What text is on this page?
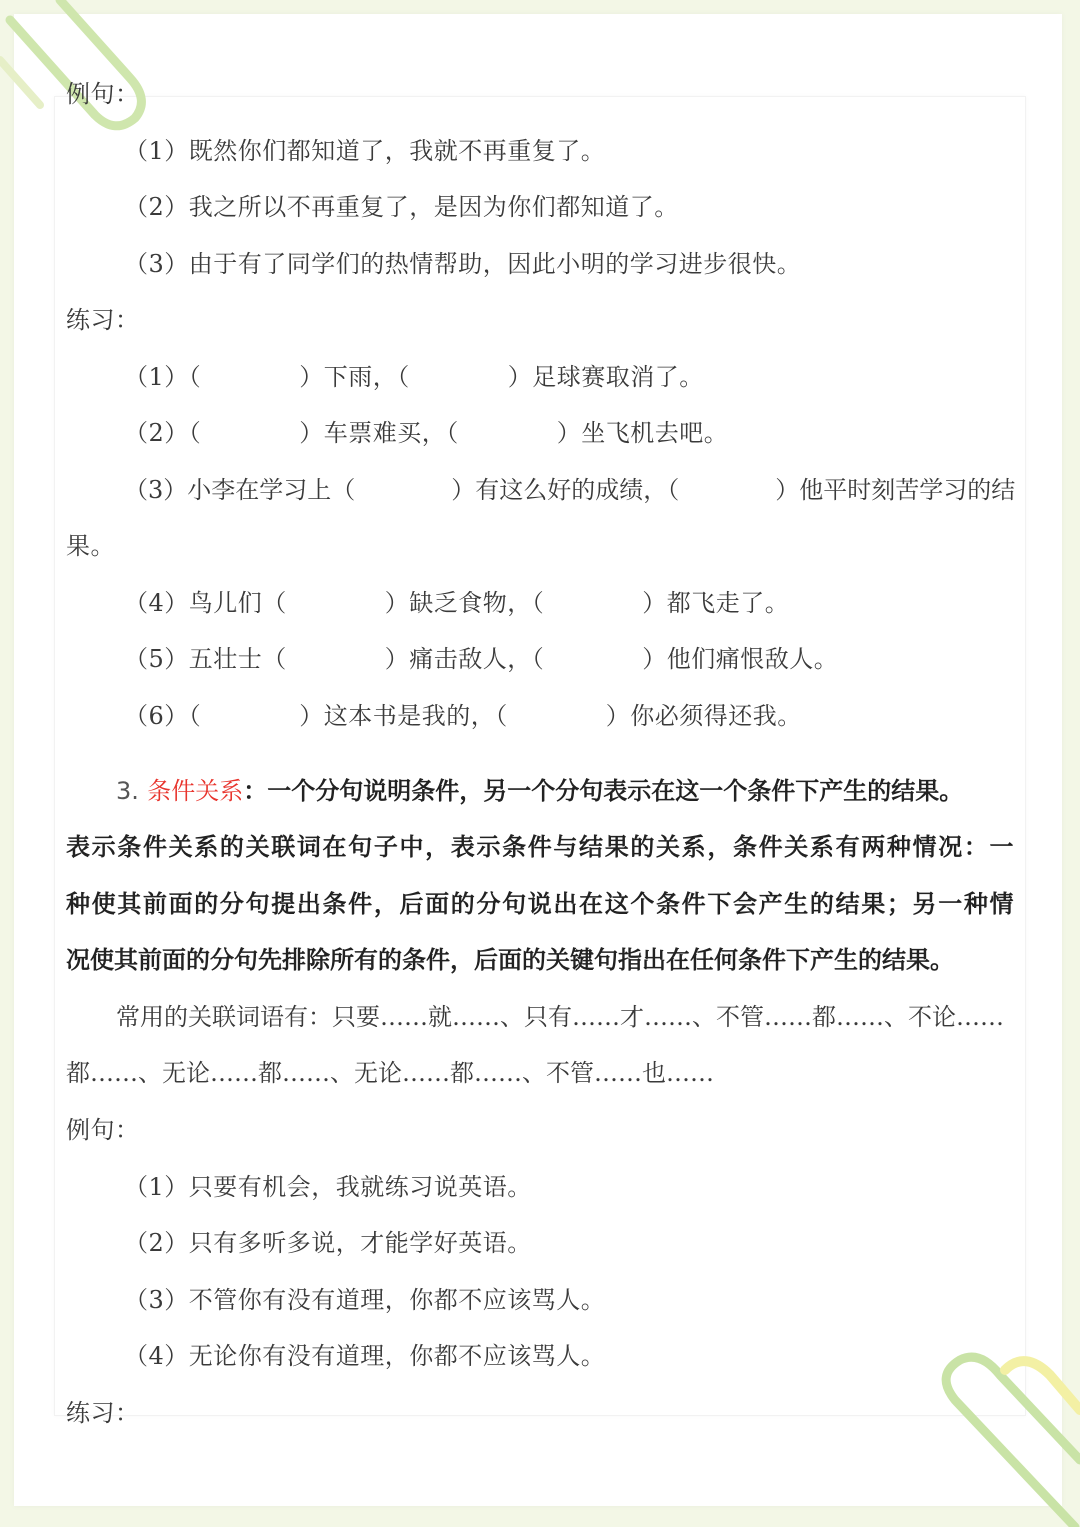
例句：
（1）既然你们都知道了，我就不再重复了。
（2）我之所以不再重复了，是因为你们都知道了。
（3）由于有了同学们的热情帮助，因此小明的学习进步很快。
练习：
（1）（　　　　）下雨，（　　　　）足球赛取消了。
（2）（　　　　）车票难买，（　　　　）坐飞机去吧。
（3）小李在学习上（　　　　）有这么好的成绩，（　　　　）他平时刻苦学习的结
果。
（4）鸟儿们（　　　　）缺乏食物，（　　　　）都飞走了。
（5）五壮士（　　　　）痛击敌人，（　　　　）他们痛恨敌人。
（6）（　　　　）这本书是我的，（　　　　）你必须得还我。
3. 条件关系：一个分句说明条件，另一个分句表示在这一个条件下产生的结果。
表示条件关系的关联词在句子中，表示条件与结果的关系，条件关系有两种情况：一
种使其前面的分句提出条件，后面的分句说出在这个条件下会产生的结果；另一种情
况使其前面的分句先排除所有的条件，后面的关键句指出在任何条件下产生的结果。
常用的关联词语有：只要……就……、只有……才……、不管……都……、不论……
都……、无论……都……、无论……都……、不管……也……
例句：
（1）只要有机会，我就练习说英语。
（2）只有多听多说，才能学好英语。
（3）不管你有没有道理，你都不应该骂人。
（4）无论你有没有道理，你都不应该骂人。
练习：
